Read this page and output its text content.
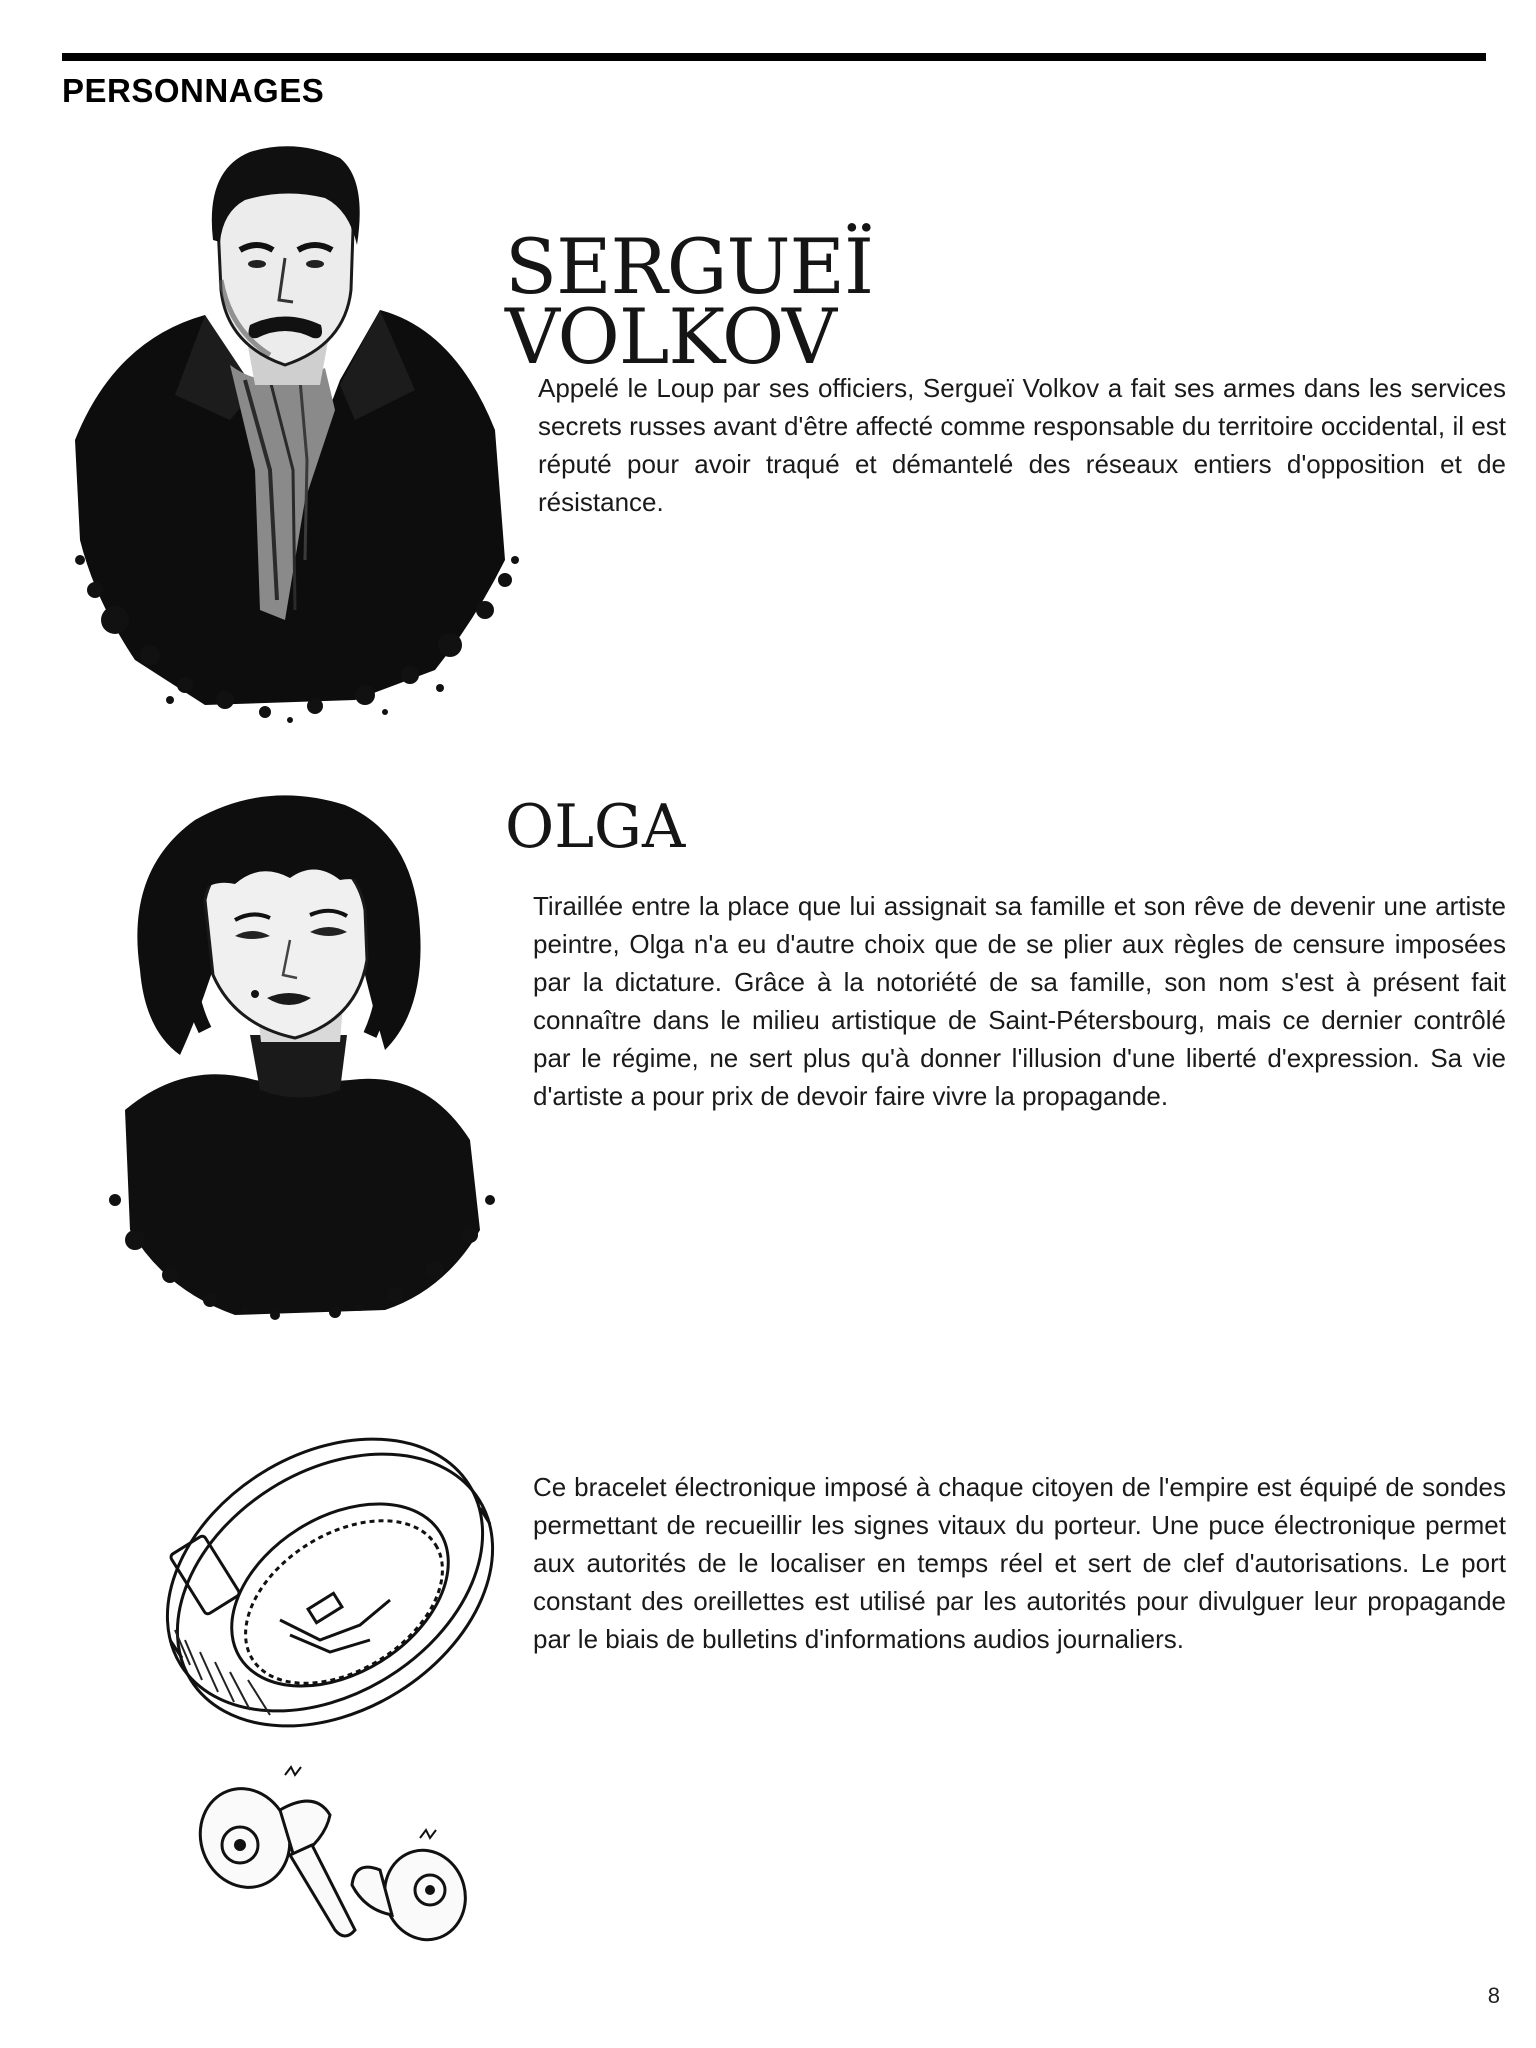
PERSONNAGES
SERGUEÏ
VOLKOV

Appelé le Loup par ses officiers, Sergueï Volkov a fait ses armes dans les services secrets russes avant d'être affecté comme responsable du territoire occidental, il est réputé pour avoir traqué et démantelé des réseaux entiers d'opposition et de résistance.

OLGA

Tiraillée entre la place que lui assignait sa famille et son rêve de devenir une artiste peintre, Olga n'a eu d'autre choix que de se plier aux règles de censure imposées par la dictature. Grâce à la notoriété de sa famille, son nom s'est à présent fait connaître dans le milieu artistique de Saint-Pétersbourg, mais ce dernier contrôlé par le régime, ne sert plus qu'à donner l'illusion d'une liberté d'expression. Sa vie d'artiste a pour prix de devoir faire vivre la propagande.

Ce bracelet électronique imposé à chaque citoyen de l'empire est équipé de sondes permettant de recueillir les signes vitaux du porteur. Une puce électronique permet aux autorités de le localiser en temps réel et sert de clef d'autorisations. Le port constant des oreillettes est utilisé par les autorités pour divulguer leur propagande par le biais de bulletins d'informations audios journaliers.

8
